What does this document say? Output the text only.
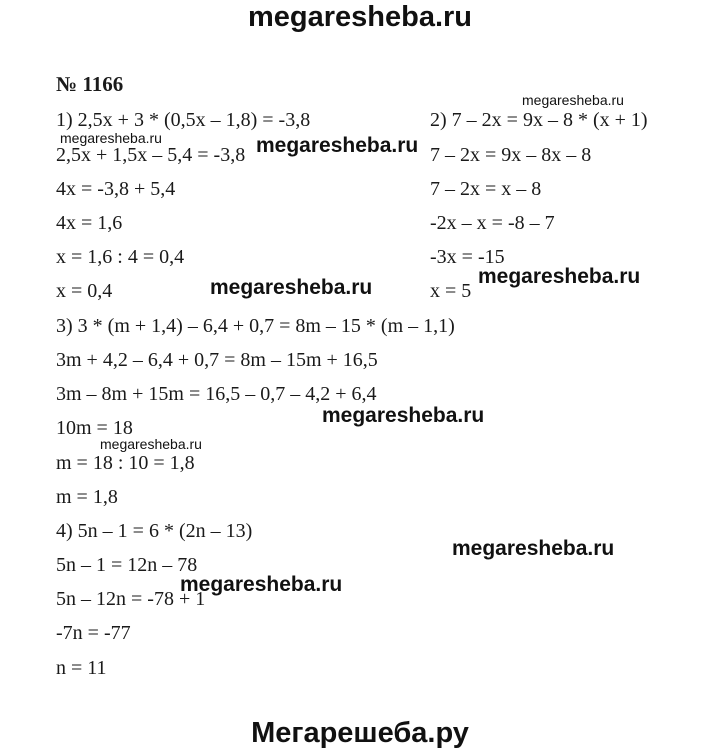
megaresheba.ru
№ 1166
1) 2,5x + 3 * (0,5x – 1,8) = -3,8
2,5x + 1,5x – 5,4 = -3,8
4x = -3,8 + 5,4
4x = 1,6
x = 1,6 : 4 = 0,4
x = 0,4
2) 7 – 2x = 9x – 8 * (x + 1)
7 – 2x = 9x – 8x – 8
7 – 2x = x – 8
-2x – x = -8 – 7
-3x = -15
x = 5
3) 3 * (m + 1,4) – 6,4 + 0,7 = 8m – 15 * (m – 1,1)
3m + 4,2 – 6,4 + 0,7 = 8m – 15m + 16,5
3m – 8m + 15m = 16,5 – 0,7 – 4,2 + 6,4
10m = 18
m = 18 : 10 = 1,8
m = 1,8
4) 5n – 1 = 6 * (2n – 13)
5n – 1 = 12n – 78
5n – 12n = -78 + 1
-7n = -77
n = 11
megaresheba.ru
megaresheba.ru	megaresheba.ru
megaresheba.ru	megaresheba.ru
megaresheba.ru
megaresheba.ru
megaresheba.ru
megaresheba.ru
Мегарешеба.ру
